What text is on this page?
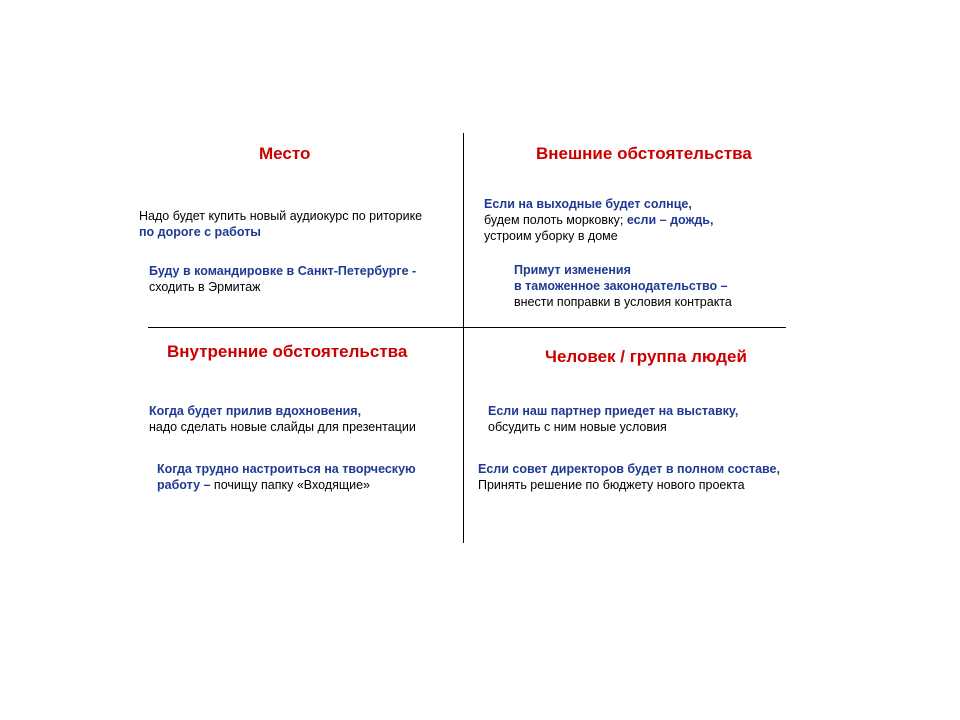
Место
Надо будет купить новый аудиокурс по риторике
по дороге с работы
Буду в командировке в Санкт-Петербурге -
сходить в Эрмитаж
Внешние обстоятельства
Если на выходные будет солнце,
будем полоть морковку; если – дождь,
устроим уборку в доме
Примут изменения
в таможенное законодательство –
внести поправки в условия контракта
Внутренние обстоятельства
Когда будет прилив вдохновения,
надо сделать новые слайды для презентации
Когда трудно настроиться на творческую
работу – почищу папку «Входящие»
Человек / группа людей
Если наш партнер приедет на выставку,
обсудить с ним новые условия
Если совет директоров будет в полном составе,
Принять решение по бюджету нового проекта
